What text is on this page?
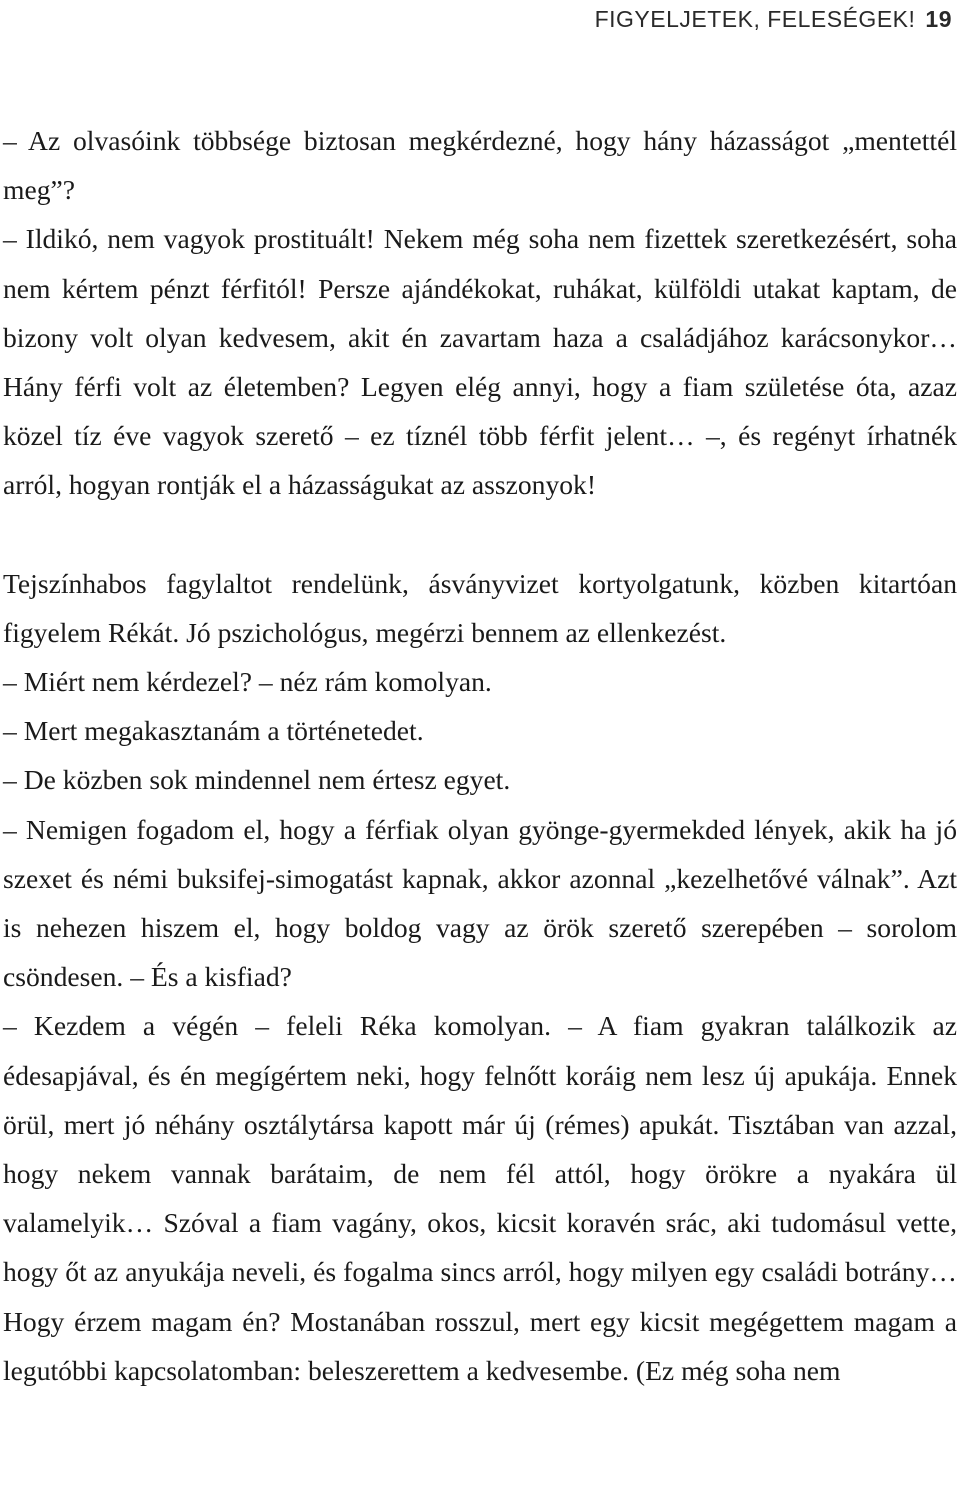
FIGYELJETEK, FELESÉGEK! 19

– Az olvasóink többsége biztosan megkérdezné, hogy hány házasságot „mentettél meg”?

– Ildikó, nem vagyok prostituált! Nekem még soha nem fizettek szeretkezésért, soha nem kértem pénzt férfitól! Persze ajándékokat, ruhákat, külföldi utakat kaptam, de bizony volt olyan kedvesem, akit én zavartam haza a családjához karácsonykor… Hány férfi volt az életemben? Legyen elég annyi, hogy a fiam születése óta, azaz közel tíz éve vagyok szerető – ez tíznél több férfit jelent… –, és regényt írhatnék arról, hogyan rontják el a házasságukat az asszonyok!

Tejszínhabos fagylaltot rendelünk, ásványvizet kortyolgatunk, közben kitartóan figyelem Rékát. Jó pszichológus, megérzi bennem az ellenkezést.

– Miért nem kérdezel? – néz rám komolyan.

– Mert megakasztanám a történetedet.

– De közben sok mindennel nem értesz egyet.

– Nemigen fogadom el, hogy a férfiak olyan gyönge-gyermekded lények, akik ha jó szexet és némi buksifej-simogatást kapnak, akkor azonnal „kezelhetővé válnak”. Azt is nehezen hiszem el, hogy boldog vagy az örök szerető szerepében – sorolom csöndesen. – És a kisfiad?

– Kezdem a végén – feleli Réka komolyan. – A fiam gyakran találkozik az édesapjával, és én megígértem neki, hogy felnőtt koráig nem lesz új apukája. Ennek örül, mert jó néhány osztálytársa kapott már új (rémes) apukát. Tisztában van azzal, hogy nekem vannak barátaim, de nem fél attól, hogy örökre a nyakára ül valamelyik… Szóval a fiam vagány, okos, kicsit koravén srác, aki tudomásul vette, hogy őt az anyukája neveli, és fogalma sincs arról, hogy milyen egy családi botrány… Hogy érzem magam én? Mostanában rosszul, mert egy kicsit megégettem magam a legutóbbi kapcsolatomban: beleszerettem a kedvesembe. (Ez még soha nem
